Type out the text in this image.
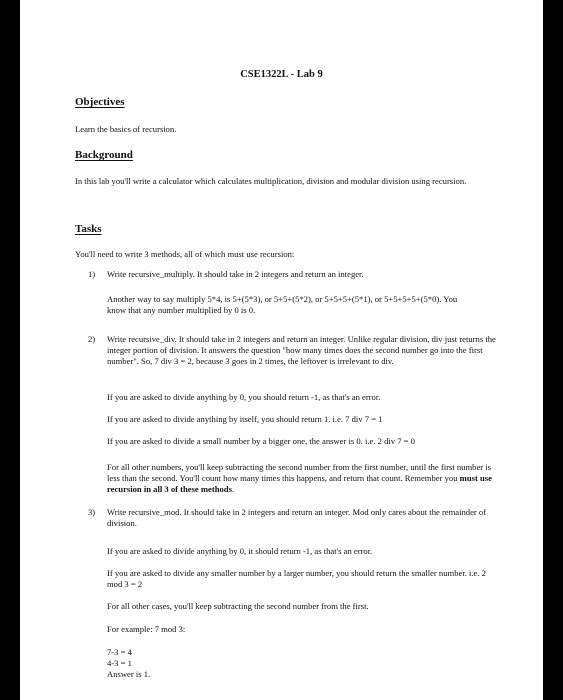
CSE1322L - Lab 9
Objectives

Learn the basics of recursion.

Background

In this lab you'll write a calculator which calculates multiplication, division and modular division using recursion.

Tasks

You'll need to write 3 methods, all of which must use recursion:

1) Write recursive_multiply. It should take in 2 integers and return an integer.

Another way to say multiply 5*4, is 5+(5*3), or 5+5+(5*2), or 5+5+5+(5*1), or 5+5+5+5+(5*0). You know that any number multiplied by 0 is 0.

2) Write recursive_div. It should take in 2 integers and return an integer. Unlike regular division, div just returns the integer portion of division. It answers the question "how many times does the second number go into the first number". So, 7 div 3 = 2, because 3 goes in 2 times, the leftover is irrelevant to div.

If you are asked to divide anything by 0, you should return -1, as that's an error.

If you are asked to divide anything by itself, you should return 1. i.e. 7 div 7 = 1

If you are asked to divide a small number by a bigger one, the answer is 0. i.e. 2 div 7 = 0

For all other numbers, you'll keep subtracting the second number from the first number, until the first number is less than the second. You'll count how many times this happens, and return that count. Remember you must use recursion in all 3 of these methods.

3) Write recursive_mod. It should take in 2 integers and return an integer. Mod only cares about the remainder of division.

If you are asked to divide anything by 0, it should return -1, as that's an error.

If you are asked to divide any smaller number by a larger number, you should return the smaller number. i.e. 2 mod 3 = 2

For all other cases, you'll keep subtracting the second number from the first.

For example: 7 mod 3:

7-3 = 4

4-3 = 1

Answer is 1.
